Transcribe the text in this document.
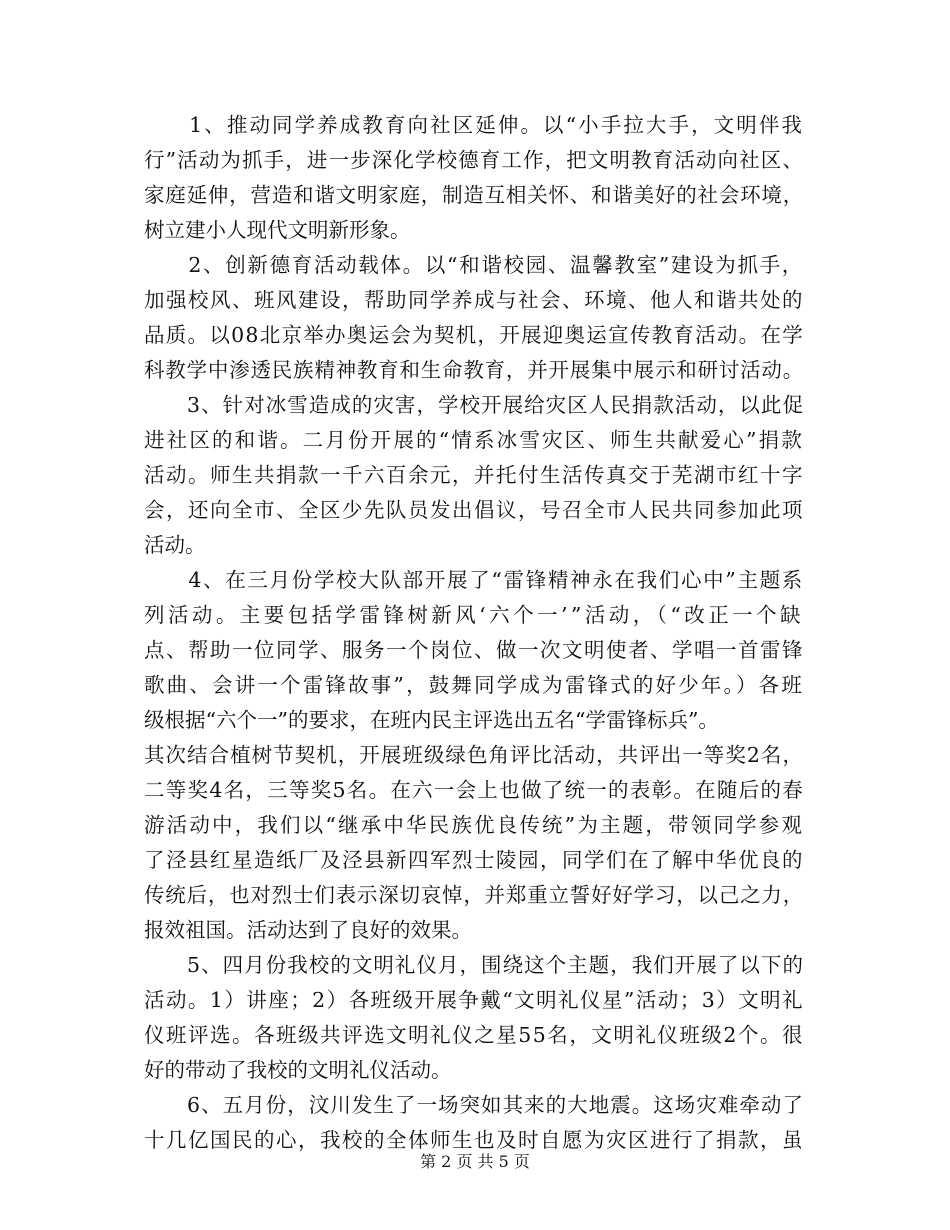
　　1、推动同学养成教育向社区延伸。以“小手拉大手，文明伴我
行”活动为抓手，进一步深化学校德育工作，把文明教育活动向社区、
家庭延伸，营造和谐文明家庭，制造互相关怀、和谐美好的社会环境，
树立建小人现代文明新形象。
　　2、创新德育活动载体。以“和谐校园、温馨教室”建设为抓手，
加强校风、班风建设，帮助同学养成与社会、环境、他人和谐共处的
品质。以08北京举办奥运会为契机，开展迎奥运宣传教育活动。在学
科教学中渗透民族精神教育和生命教育，并开展集中展示和研讨活动。
　　3、针对冰雪造成的灾害，学校开展给灾区人民捐款活动，以此促
进社区的和谐。二月份开展的“情系冰雪灾区、师生共献爱心”捐款
活动。师生共捐款一千六百余元，并托付生活传真交于芜湖市红十字
会，还向全市、全区少先队员发出倡议，号召全市人民共同参加此项
活动。
　　4、在三月份学校大队部开展了“雷锋精神永在我们心中”主题系
列活动。主要包括学雷锋树新风‘六个一’”活动，（“改正一个缺
点、帮助一位同学、服务一个岗位、做一次文明使者、学唱一首雷锋
歌曲、会讲一个雷锋故事”，鼓舞同学成为雷锋式的好少年。）各班
级根据“六个一”的要求，在班内民主评选出五名“学雷锋标兵”。
其次结合植树节契机，开展班级绿色角评比活动，共评出一等奖2名，
二等奖4名，三等奖5名。在六一会上也做了统一的表彰。在随后的春
游活动中，我们以“继承中华民族优良传统”为主题，带领同学参观
了泾县红星造纸厂及泾县新四军烈士陵园，同学们在了解中华优良的
传统后，也对烈士们表示深切哀悼，并郑重立誓好好学习，以己之力，
报效祖国。活动达到了良好的效果。
　　5、四月份我校的文明礼仪月，围绕这个主题，我们开展了以下的
活动。1）讲座；2）各班级开展争戴“文明礼仪星”活动；3）文明礼
仪班评选。各班级共评选文明礼仪之星55名，文明礼仪班级2个。很
好的带动了我校的文明礼仪活动。
　　6、五月份，汶川发生了一场突如其来的大地震。这场灾难牵动了
十几亿国民的心，我校的全体师生也及时自愿为灾区进行了捐款，虽
第 2 页 共 5 页
